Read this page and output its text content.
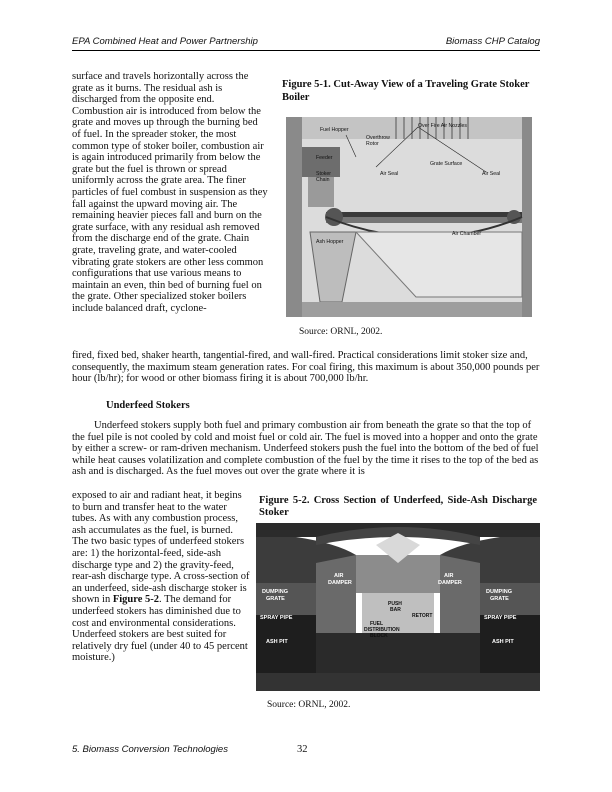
EPA Combined Heat and Power Partnership	Biomass CHP Catalog

surface and travels horizontally across the grate as it burns. The residual ash is discharged from the opposite end. Combustion air is introduced from below the grate and moves up through the burning bed of fuel. In the spreader stoker, the most common type of stoker boiler, combustion air is again introduced primarily from below the grate but the fuel is thrown or spread uniformly across the grate area. The finer particles of fuel combust in suspension as they fall against the upward moving air. The remaining heavier pieces fall and burn on the grate surface, with any residual ash removed from the discharge end of the grate. Chain grate, traveling grate, and water-cooled vibrating grate stokers are other less common configurations that use various means to maintain an even, thin bed of burning fuel on the grate. Other specialized stoker boilers include balanced draft, cyclone-

Figure 5-1. Cut-Away View of a Traveling Grate Stoker Boiler
Fuel Hopper
Overthrow
Rotor
Over Fire Air Nozzles
Feeder
Grate Surface
Stoker
Chain
Air Seal	Air Seal
Ash Hopper
Air Chamber
Source: ORNL, 2002.

fired, fixed bed, shaker hearth, tangential-fired, and wall-fired. Practical considerations limit stoker size and, consequently, the maximum steam generation rates. For coal firing, this maximum is about 350,000 pounds per hour (lb/hr); for wood or other biomass firing it is about 700,000 lb/hr.

Underfeed Stokers

Underfeed stokers supply both fuel and primary combustion air from beneath the grate so that the top of the fuel pile is not cooled by cold and moist fuel or cold air. The fuel is moved into a hopper and onto the grate by either a screw- or ram-driven mechanism. Underfeed stokers push the fuel into the bottom of the bed of fuel while heat causes volatilization and complete combustion of the fuel by the time it rises to the top of the bed as ash and is discharged. As the fuel moves out over the grate where it is

exposed to air and radiant heat, it begins to burn and transfer heat to the water tubes. As with any combustion process, ash accumulates as the fuel, is burned. The two basic types of underfeed stokers are: 1) the horizontal-feed, side-ash discharge type and 2) the gravity-feed, rear-ash discharge type. A cross-section of an underfeed, side-ash discharge stoker is shown in Figure 5-2. The demand for underfeed stokers has diminished due to cost and environmental considerations. Underfeed stokers are best suited for relatively dry fuel (under 40 to 45 percent moisture.)

Figure 5-2. Cross Section of Underfeed, Side-Ash Discharge Stoker
DUMPING
GRATE
SPRAY PIPE
ASH PIT
AIR
DAMPER
AIR
DAMPER
DUMPING
GRATE
SPRAY PIPE
ASH PIT
PUSH
BAR
RETORT
FUEL
DISTRIBUTION
BLOCK
Source: ORNL, 2002.
5. Biomass Conversion Technologies	32
